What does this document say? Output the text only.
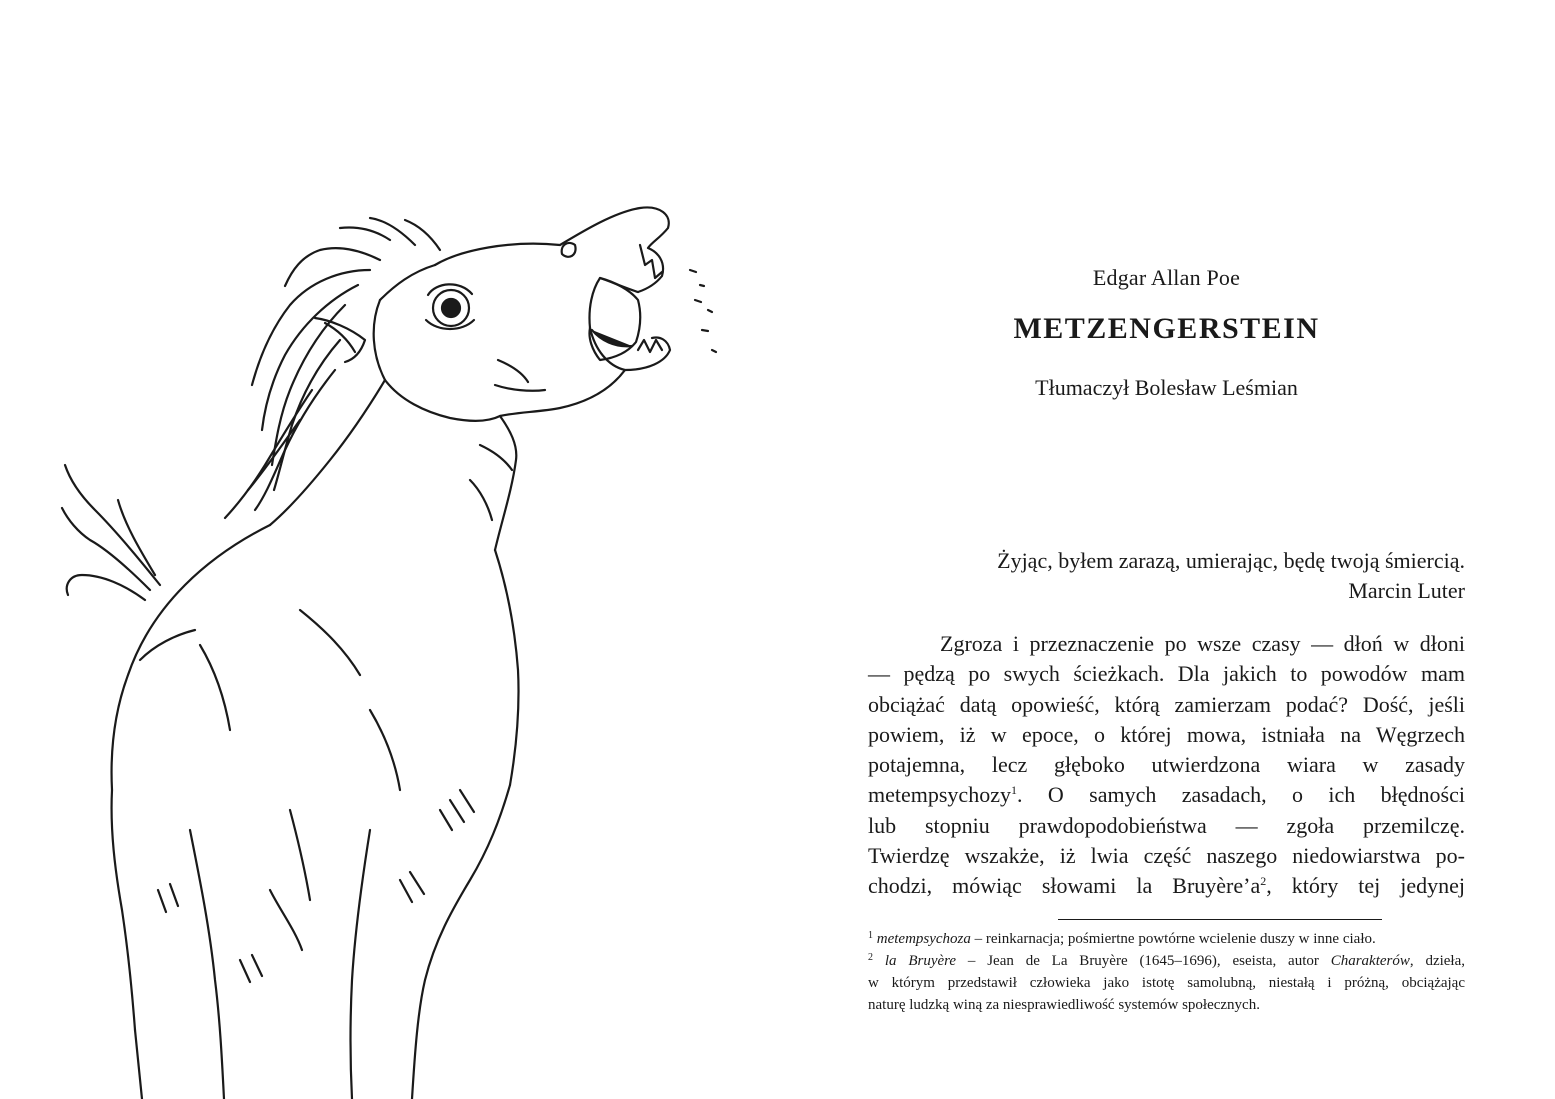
Edgar Allan Poe
METZENGERSTEIN
Tłumaczył Bolesław Leśmian
Żyjąc, byłem zarazą, umierając, będę twoją śmiercią.
Marcin Luter
Zgroza i przeznaczenie po wsze czasy — dłoń w dłoni
— pędzą po swych ścieżkach. Dla jakich to powodów mam
obciążać datą opowieść, którą zamierzam podać? Dość, jeśli
powiem, iż w epoce, o której mowa, istniała na Węgrzech
potajemna, lecz głęboko utwierdzona wiara w zasady
metempsychozy$^1$. O samych zasadach, o ich błędności
lub stopniu prawdopodobieństwa — zgoła przemilczę.
Twierdzę wszakże, iż lwia część naszego niedowiarstwa po-
chodzi, mówiąc słowami la $Bruyère’a^2$, który tej jedynej
$^1$ metempsychoza – reinkarnacja; pośmiertne powtórne wcielenie duszy w inne ciało.
$^2$ la Bruyère – Jean de La Bruyère (1645–1696), eseista, autor Charakterów, dzieła,
w którym przedstawił człowieka jako istotę samolubną, niestałą i próżną, obciążając
naturę ludzką winą za niesprawiedliwość systemów społecznych.
